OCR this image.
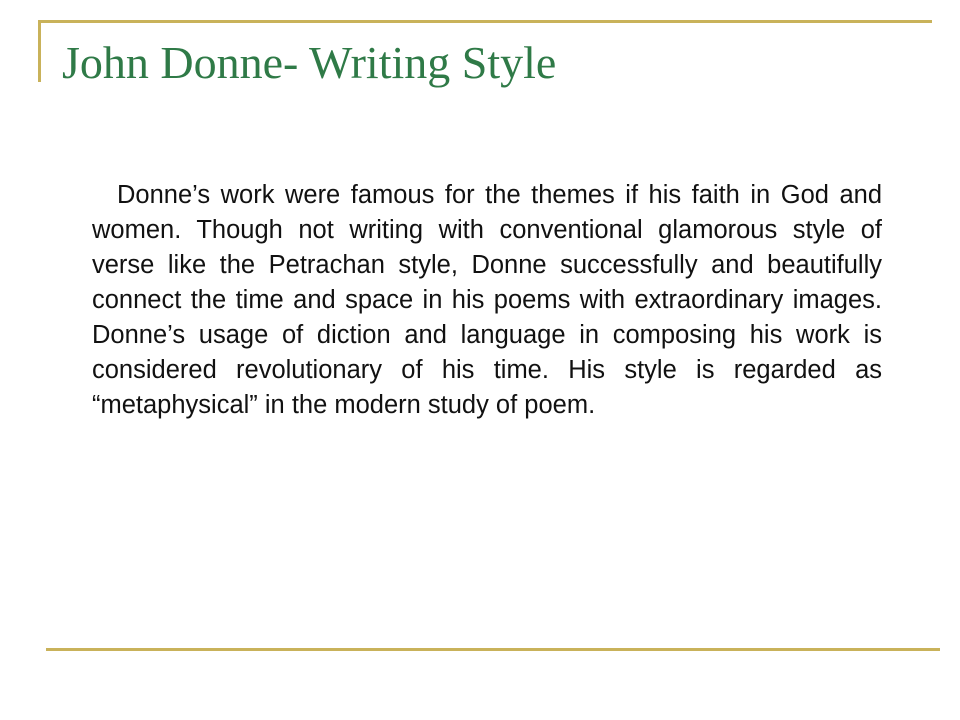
John Donne- Writing Style

Donne’s work were famous for the themes if his faith in God and women. Though not writing with conventional glamorous style of verse like the Petrachan style, Donne successfully and beautifully connect the time and space in his poems with extraordinary images. Donne’s usage of diction and language in composing his work is considered revolutionary of his time. His style is regarded as “metaphysical” in the modern study of poem.
